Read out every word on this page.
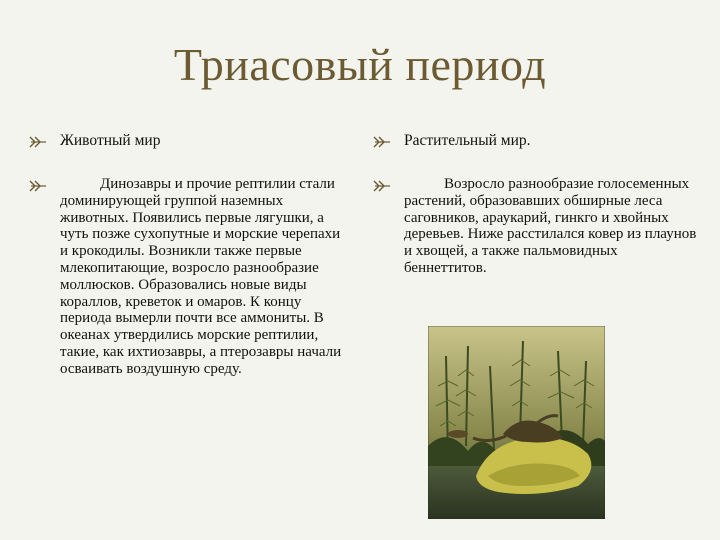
Триасовый период
Животный мир
Динозавры и прочие рептилии стали доминирующей группой наземных животных. Появились первые лягушки, а чуть позже сухопутные и морские черепахи и крокодилы. Возникли также первые млекопитающие, возросло разнообразие моллюсков. Образовались новые виды кораллов, креветок и омаров. К концу периода вымерли почти все аммониты. В океанах утвердились морские рептилии, такие, как ихтиозавры, а птерозавры начали осваивать воздушную среду.
Растительный мир.
Возросло разнообразие голосеменных растений, образовавших обширные леса саговников, араукарий, гинкго и хвойных деревьев. Ниже расстилался ковер из плаунов и хвощей, а также пальмовидных беннеттитов.
